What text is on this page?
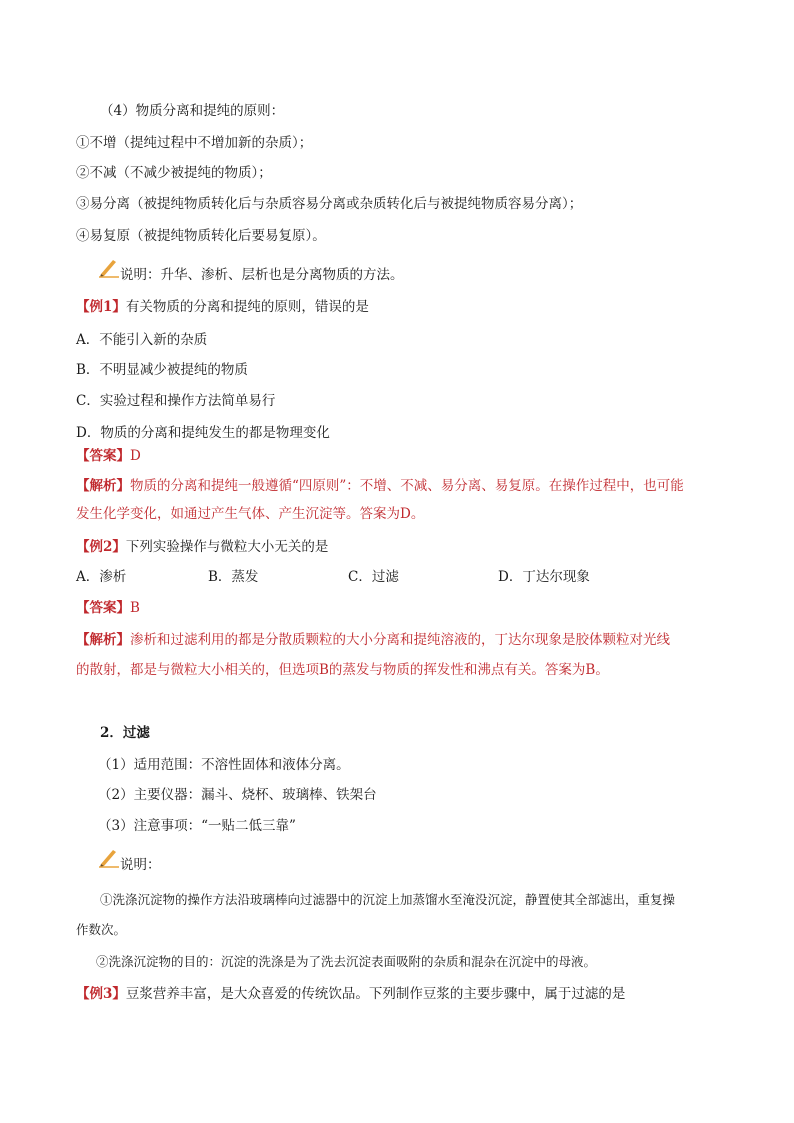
（4）物质分离和提纯的原则：
①不增（提纯过程中不增加新的杂质）；
②不减（不减少被提纯的物质）；
③易分离（被提纯物质转化后与杂质容易分离或杂质转化后与被提纯物质容易分离）；
④易复原（被提纯物质转化后要易复原）。
说明：升华、渗析、层析也是分离物质的方法。
【例1】有关物质的分离和提纯的原则，错误的是
A．不能引入新的杂质
B．不明显减少被提纯的物质
C．实验过程和操作方法简单易行
D．物质的分离和提纯发生的都是物理变化
【答案】D
【解析】物质的分离和提纯一般遵循“四原则”：不增、不减、易分离、易复原。在操作过程中，也可能
发生化学变化，如通过产生气体、产生沉淀等。答案为D。
【例2】下列实验操作与微粒大小无关的是
A．渗析	B．蒸发	C．过滤	D．丁达尔现象
【答案】B
【解析】渗析和过滤利用的都是分散质颗粒的大小分离和提纯溶液的，丁达尔现象是胶体颗粒对光线
的散射，都是与微粒大小相关的，但选项B的蒸发与物质的挥发性和沸点有关。答案为B。
2．过滤
（1）适用范围：不溶性固体和液体分离。
（2）主要仪器：漏斗、烧杯、玻璃棒、铁架台
（3）注意事项：“一贴二低三靠”
说明：
①洗涤沉淀物的操作方法沿玻璃棒向过滤器中的沉淀上加蒸馏水至淹没沉淀，静置使其全部滤出，重复操
作数次。
②洗涤沉淀物的目的：沉淀的洗涤是为了洗去沉淀表面吸附的杂质和混杂在沉淀中的母液。
【例3】豆浆营养丰富，是大众喜爱的传统饮品。下列制作豆浆的主要步骤中，属于过滤的是
